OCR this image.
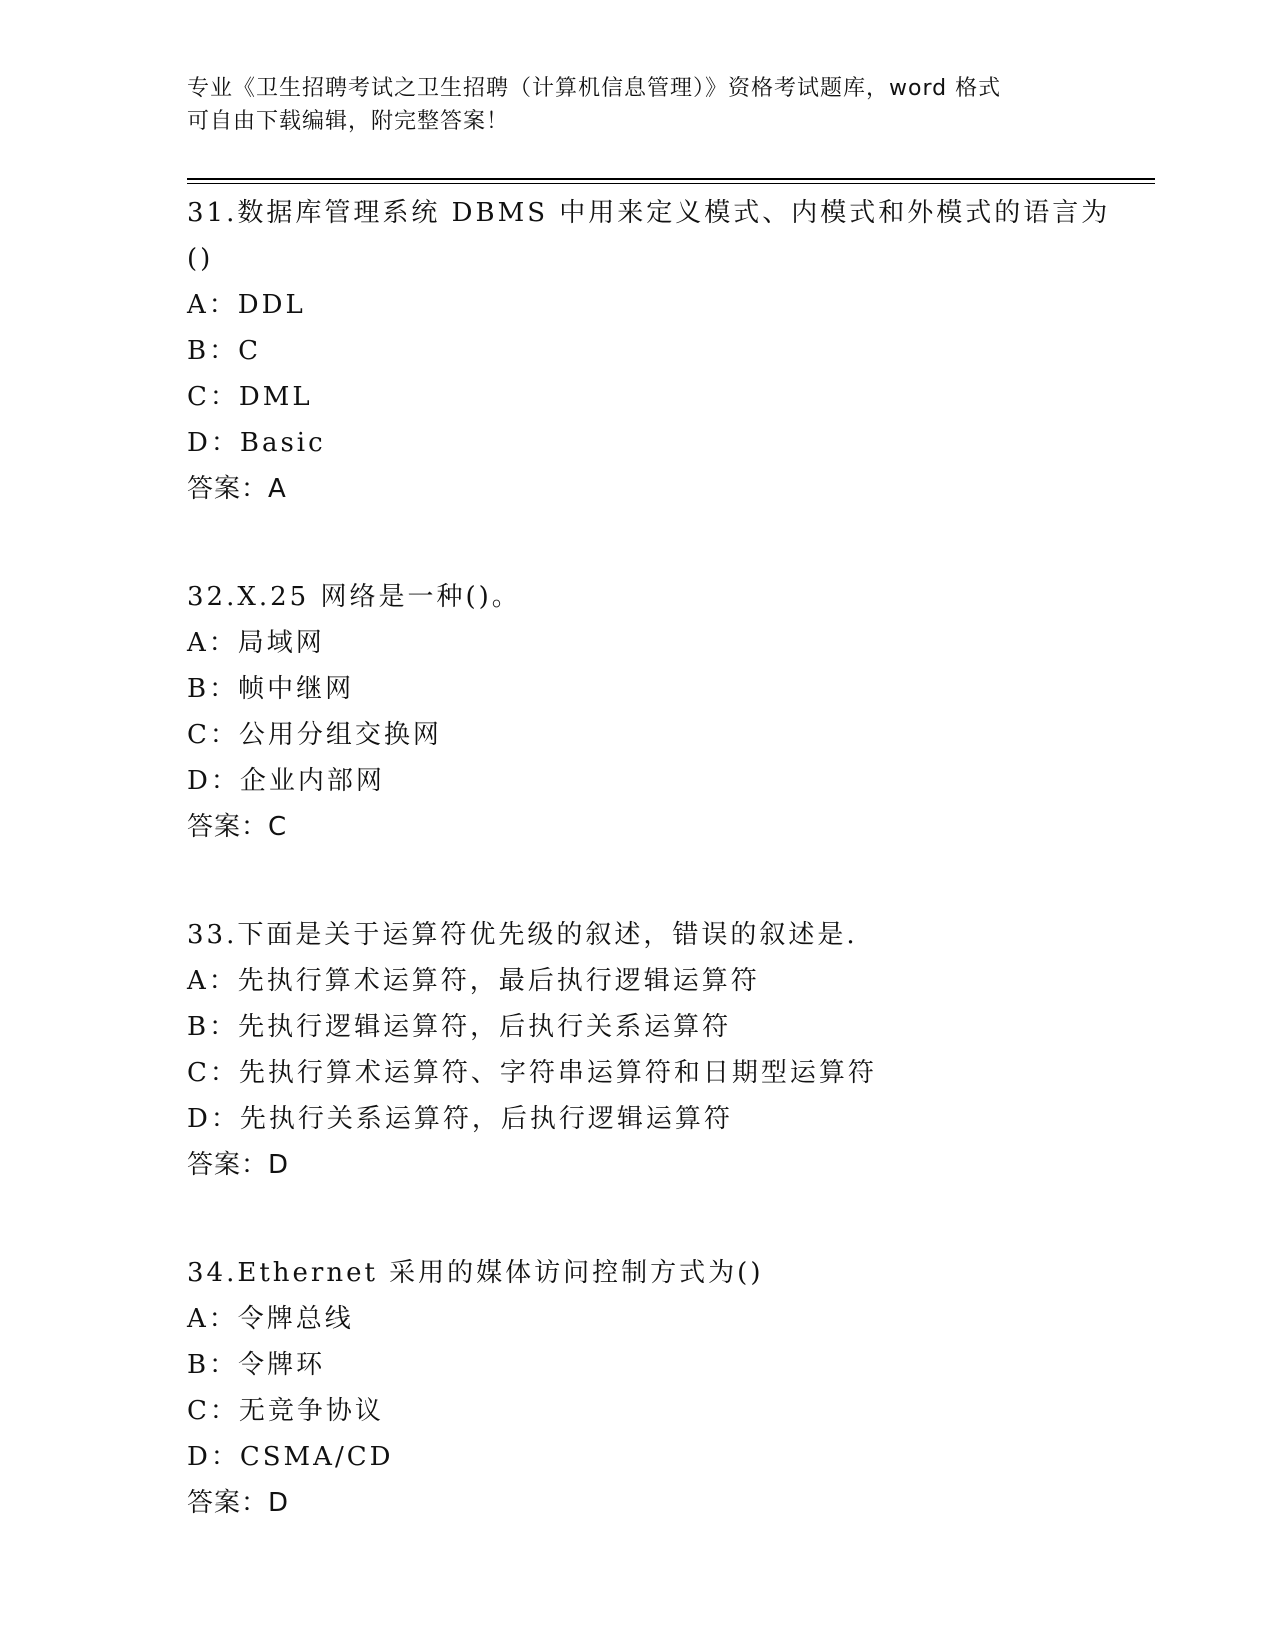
专业《卫生招聘考试之卫生招聘（计算机信息管理）》资格考试题库，word 格式
可自由下载编辑，附完整答案！
31.数据库管理系统 DBMS 中用来定义模式、内模式和外模式的语言为
()
A：DDL
B：C
C：DML
D：Basic
答案：A
32.X.25 网络是一种()。
A：局域网
B：帧中继网
C：公用分组交换网
D：企业内部网
答案：C
33.下面是关于运算符优先级的叙述，错误的叙述是.
A：先执行算术运算符，最后执行逻辑运算符
B：先执行逻辑运算符，后执行关系运算符
C：先执行算术运算符、字符串运算符和日期型运算符
D：先执行关系运算符，后执行逻辑运算符
答案：D
34.Ethernet 采用的媒体访问控制方式为()
A：令牌总线
B：令牌环
C：无竞争协议
D：CSMA/CD
答案：D
